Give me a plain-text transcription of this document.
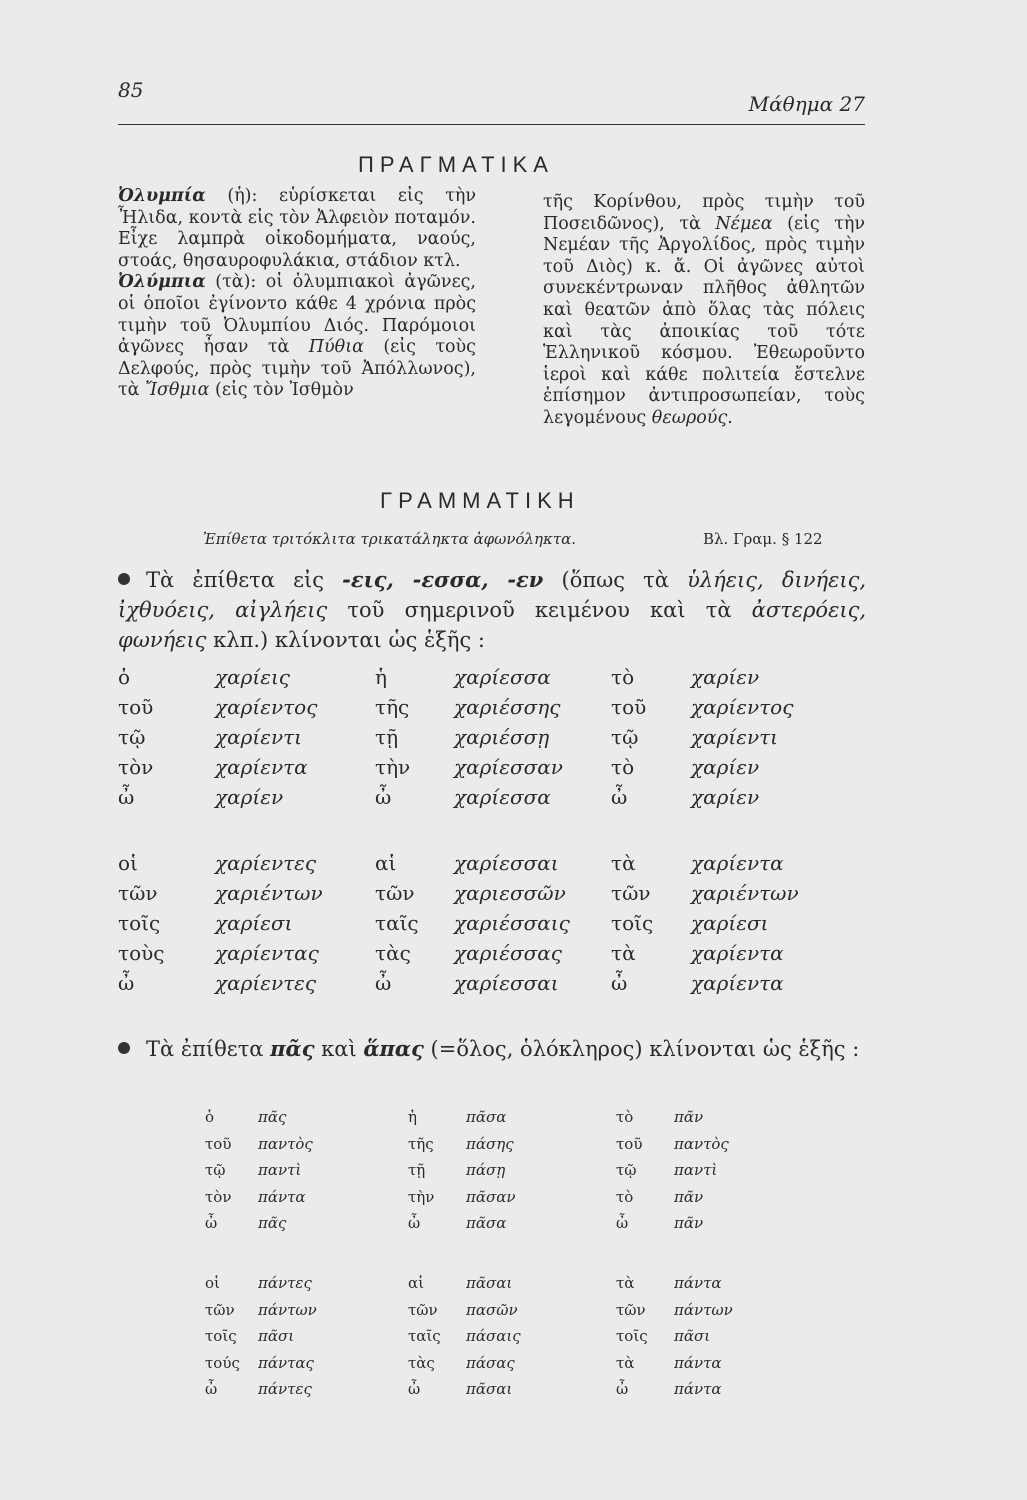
85
Μάθημα 27
ΠΡΑΓΜΑΤΙΚΑ

Ὀλυμπία (ἡ): εὑρίσκεται εἰς τὴν Ἦλιδα, κοντὰ εἰς τὸν Ἀλφειὸν ποταμόν. Εἶχε λαμπρὰ οἰκοδομήματα, ναούς, στοάς, θησαυροφυλάκια, στάδιον κτλ.

Ὀλύμπια (τὰ): οἱ ὀλυμπιακοὶ ἀγῶνες, οἱ ὁποῖοι ἐγίνοντο κάθε 4 χρόνια πρὸς τιμὴν τοῦ Ὀλυμπίου Διός. Παρόμοιοι ἀγῶνες ἦσαν τὰ Πύθια (εἰς τοὺς Δελφούς, πρὸς τιμὴν τοῦ Ἀπόλλωνος), τὰ Ἴσθμια (εἰς τὸν Ἰσθμὸν

τῆς Κορίνθου, πρὸς τιμὴν τοῦ Ποσειδῶνος), τὰ Νέμεα (εἰς τὴν Νεμέαν τῆς Ἀργολίδος, πρὸς τιμὴν τοῦ Διὸς) κ. ἄ. Οἱ ἀγῶνες αὐτοὶ συνεκέντρωναν πλῆθος ἀθλητῶν καὶ θεατῶν ἀπὸ ὅλας τὰς πόλεις καὶ τὰς ἀποικίας τοῦ τότε Ἑλληνικοῦ κόσμου. Ἐθεωροῦντο ἱεροὶ καὶ κάθε πολιτεία ἔστελνε ἐπίσημον ἀντιπροσωπείαν, τοὺς λεγομένους θεωρούς.

ΓΡΑΜΜΑΤΙΚΗ
Ἐπίθετα τριτόκλιτα τρικατάληκτα ἀφωνόληκτα.	Βλ. Γραμ. § 122

Τὰ ἐπίθετα εἰς -εις, -εσσα, -εν (ὅπως τὰ ὑλήεις, δινήεις, ἰχθυόεις, αἰγλήεις τοῦ σημερινοῦ κειμένου καὶ τὰ ἀστερόεις, φωνήεις κλπ.) κλίνονται ὡς ἑξῆς :

ὁ	χαρίεις	ἡ	χαρίεσσα	τὸ	χαρίεν
τοῦ	χαρίεντος	τῆς	χαριέσσης	τοῦ	χαρίεντος
τῷ	χαρίεντι	τῇ	χαριέσσῃ	τῷ	χαρίεντι
τὸν	χαρίεντα	τὴν	χαρίεσσαν	τὸ	χαρίεν
ὦ	χαρίεν	ὦ	χαρίεσσα	ὦ	χαρίεν
οἱ	χαρίεντες	αἱ	χαρίεσσαι	τὰ	χαρίεντα
τῶν	χαριέντων	τῶν	χαριεσσῶν	τῶν	χαριέντων
τοῖς	χαρίεσι	ταῖς	χαριέσσαις	τοῖς	χαρίεσι
τοὺς	χαρίεντας	τὰς	χαριέσσας	τὰ	χαρίεντα
ὦ	χαρίεντες	ὦ	χαρίεσσαι	ὦ	χαρίεντα

Τὰ ἐπίθετα πᾶς καὶ ἅπας (=ὅλος, ὁλόκληρος) κλίνονται ὡς ἑξῆς :

ὁ	πᾶς	ἡ	πᾶσα	τὸ	πᾶν
τοῦ	παντὸς	τῆς	πάσης	τοῦ	παντὸς
τῷ	παντὶ	τῇ	πάσῃ	τῷ	παντὶ
τὸν	πάντα	τὴν	πᾶσαν	τὸ	πᾶν
ὦ	πᾶς	ὦ	πᾶσα	ὦ	πᾶν
οἱ	πάντες	αἱ	πᾶσαι	τὰ	πάντα
τῶν	πάντων	τῶν	πασῶν	τῶν	πάντων
τοῖς	πᾶσι	ταῖς	πάσαις	τοῖς	πᾶσι
τούς	πάντας	τὰς	πάσας	τὰ	πάντα
ὦ	πάντες	ὦ	πᾶσαι	ὦ	πάντα
